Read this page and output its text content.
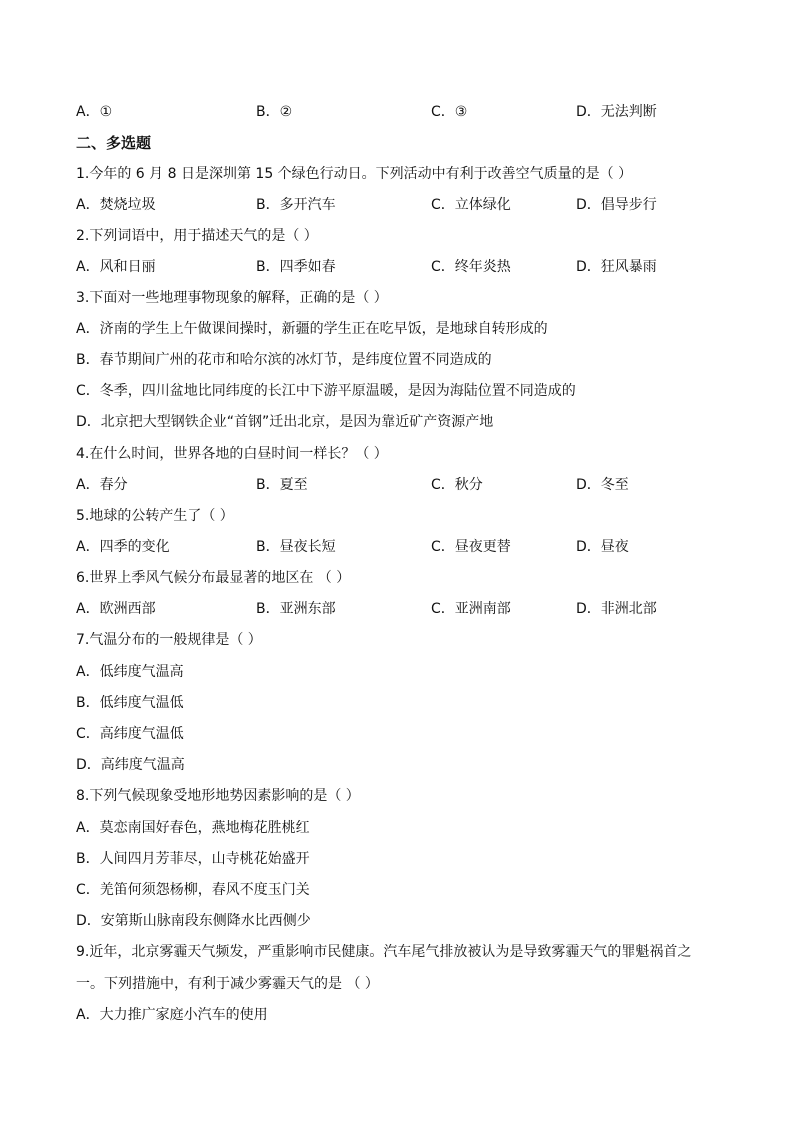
A．①	B．②	C．③	D．无法判断
二、多选题
1.今年的 6 月 8 日是深圳第 15 个绿色行动日。下列活动中有利于改善空气质量的是（ ）
A．焚烧垃圾	B．多开汽车	C．立体绿化	D．倡导步行
2.下列词语中，用于描述天气的是（ ）
A．风和日丽	B．四季如春	C．终年炎热	D．狂风暴雨
3.下面对一些地理事物现象的解释，正确的是（ ）
A．济南的学生上午做课间操时，新疆的学生正在吃早饭，是地球自转形成的
B．春节期间广州的花市和哈尔滨的冰灯节，是纬度位置不同造成的
C．冬季，四川盆地比同纬度的长江中下游平原温暖，是因为海陆位置不同造成的
D．北京把大型钢铁企业“首钢”迁出北京，是因为靠近矿产资源产地
4.在什么时间，世界各地的白昼时间一样长？（ ）
A．春分	B．夏至	C．秋分	D．冬至
5.地球的公转产生了（ ）
A．四季的变化	B．昼夜长短	C．昼夜更替	D．昼夜
6.世界上季风气候分布最显著的地区在 （ ）
A．欧洲西部	B．亚洲东部	C．亚洲南部	D．非洲北部
7.气温分布的一般规律是（ ）
A．低纬度气温高
B．低纬度气温低
C．高纬度气温低
D．高纬度气温高
8.下列气候现象受地形地势因素影响的是（ ）
A．莫恋南国好春色，燕地梅花胜桃红
B．人间四月芳菲尽，山寺桃花始盛开
C．羌笛何须怨杨柳，春风不度玉门关
D．安第斯山脉南段东侧降水比西侧少
9.近年，北京雾霾天气频发，严重影响市民健康。汽车尾气排放被认为是导致雾霾天气的罪魁祸首之
一。下列措施中，有利于减少雾霾天气的是 （ ）
A．大力推广家庭小汽车的使用
